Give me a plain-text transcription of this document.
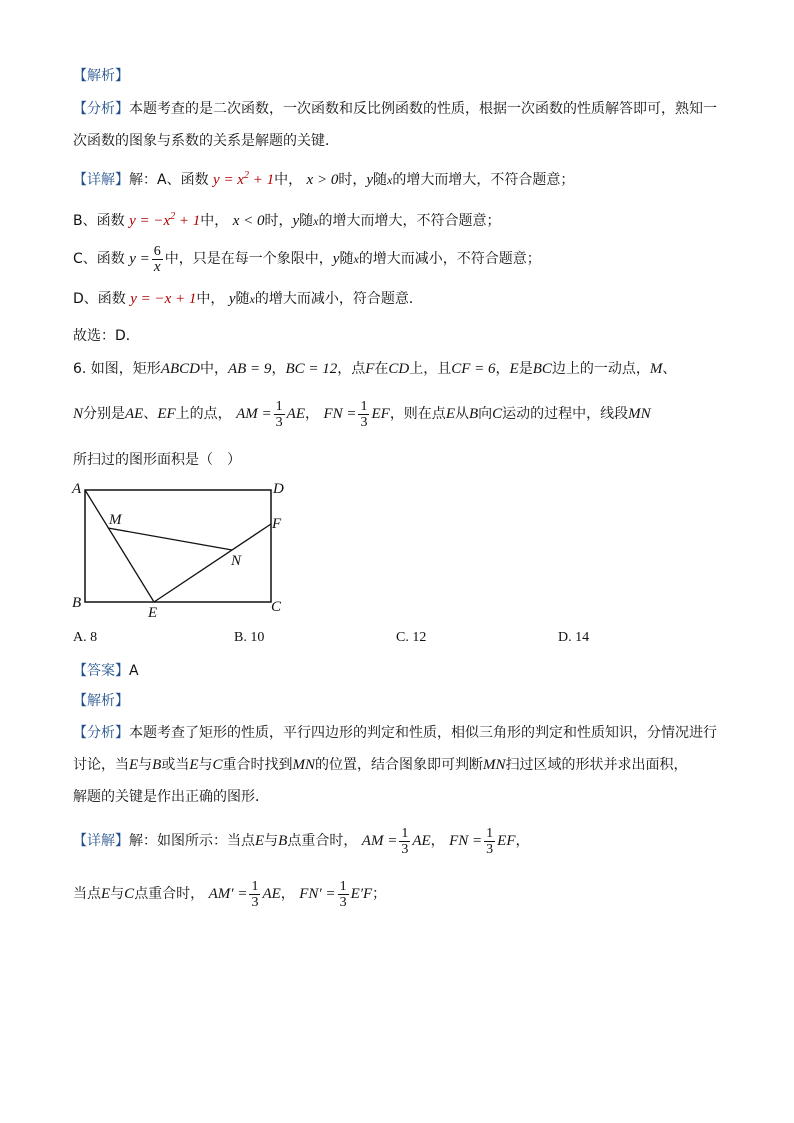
【解析】
【分析】本题考查的是二次函数，一次函数和反比例函数的性质，根据一次函数的性质解答即可，熟知一
次函数的图象与系数的关系是解题的关键．
【详解】解：A、函数 $y = x^2 + 1$中， x > 0时，y随x的增大而增大，不符合题意；
B、函数 $y = -x^2 + 1$中， x < 0时，y随x的增大而增大，不符合题意；
C、函数 $y = \frac{6}{x}$ 中，只是在每一个象限中，y随x的增大而减小，不符合题意；
D、函数 y = −x + 1中， y随x的增大而减小，符合题意．
故选：D．
6. 如图，矩形ABCD中，AB = 9，BC = 12，点F在CD上，且CF = 6，E是BC边上的一动点，M、
N分别是AE、EF上的点， AM = $\frac{1}{3}$ AE， FN = $\frac{1}{3}$ EF，则在点E从B向C运动的过程中，线段MN
所扫过的图形面积是（　）
A	D
M	F
N
B
E	C
A. 8	B. 10	C. 12	D. 14
【答案】A
【解析】
【分析】本题考查了矩形的性质，平行四边形的判定和性质，相似三角形的判定和性质知识，分情况进行
讨论，当E与B或当E与C重合时找到MN的位置，结合图象即可判断MN扫过区域的形状并求出面积，
解题的关键是作出正确的图形．
【详解】解：如图所示：当点E与B点重合时， AM = $\frac{1}{3}$ AE， FN = $\frac{1}{3}$ EF，
当点E与C点重合时， $AM' = \frac{1}{3}$ AE， $FN' = \frac{1}{3} E'F$；
